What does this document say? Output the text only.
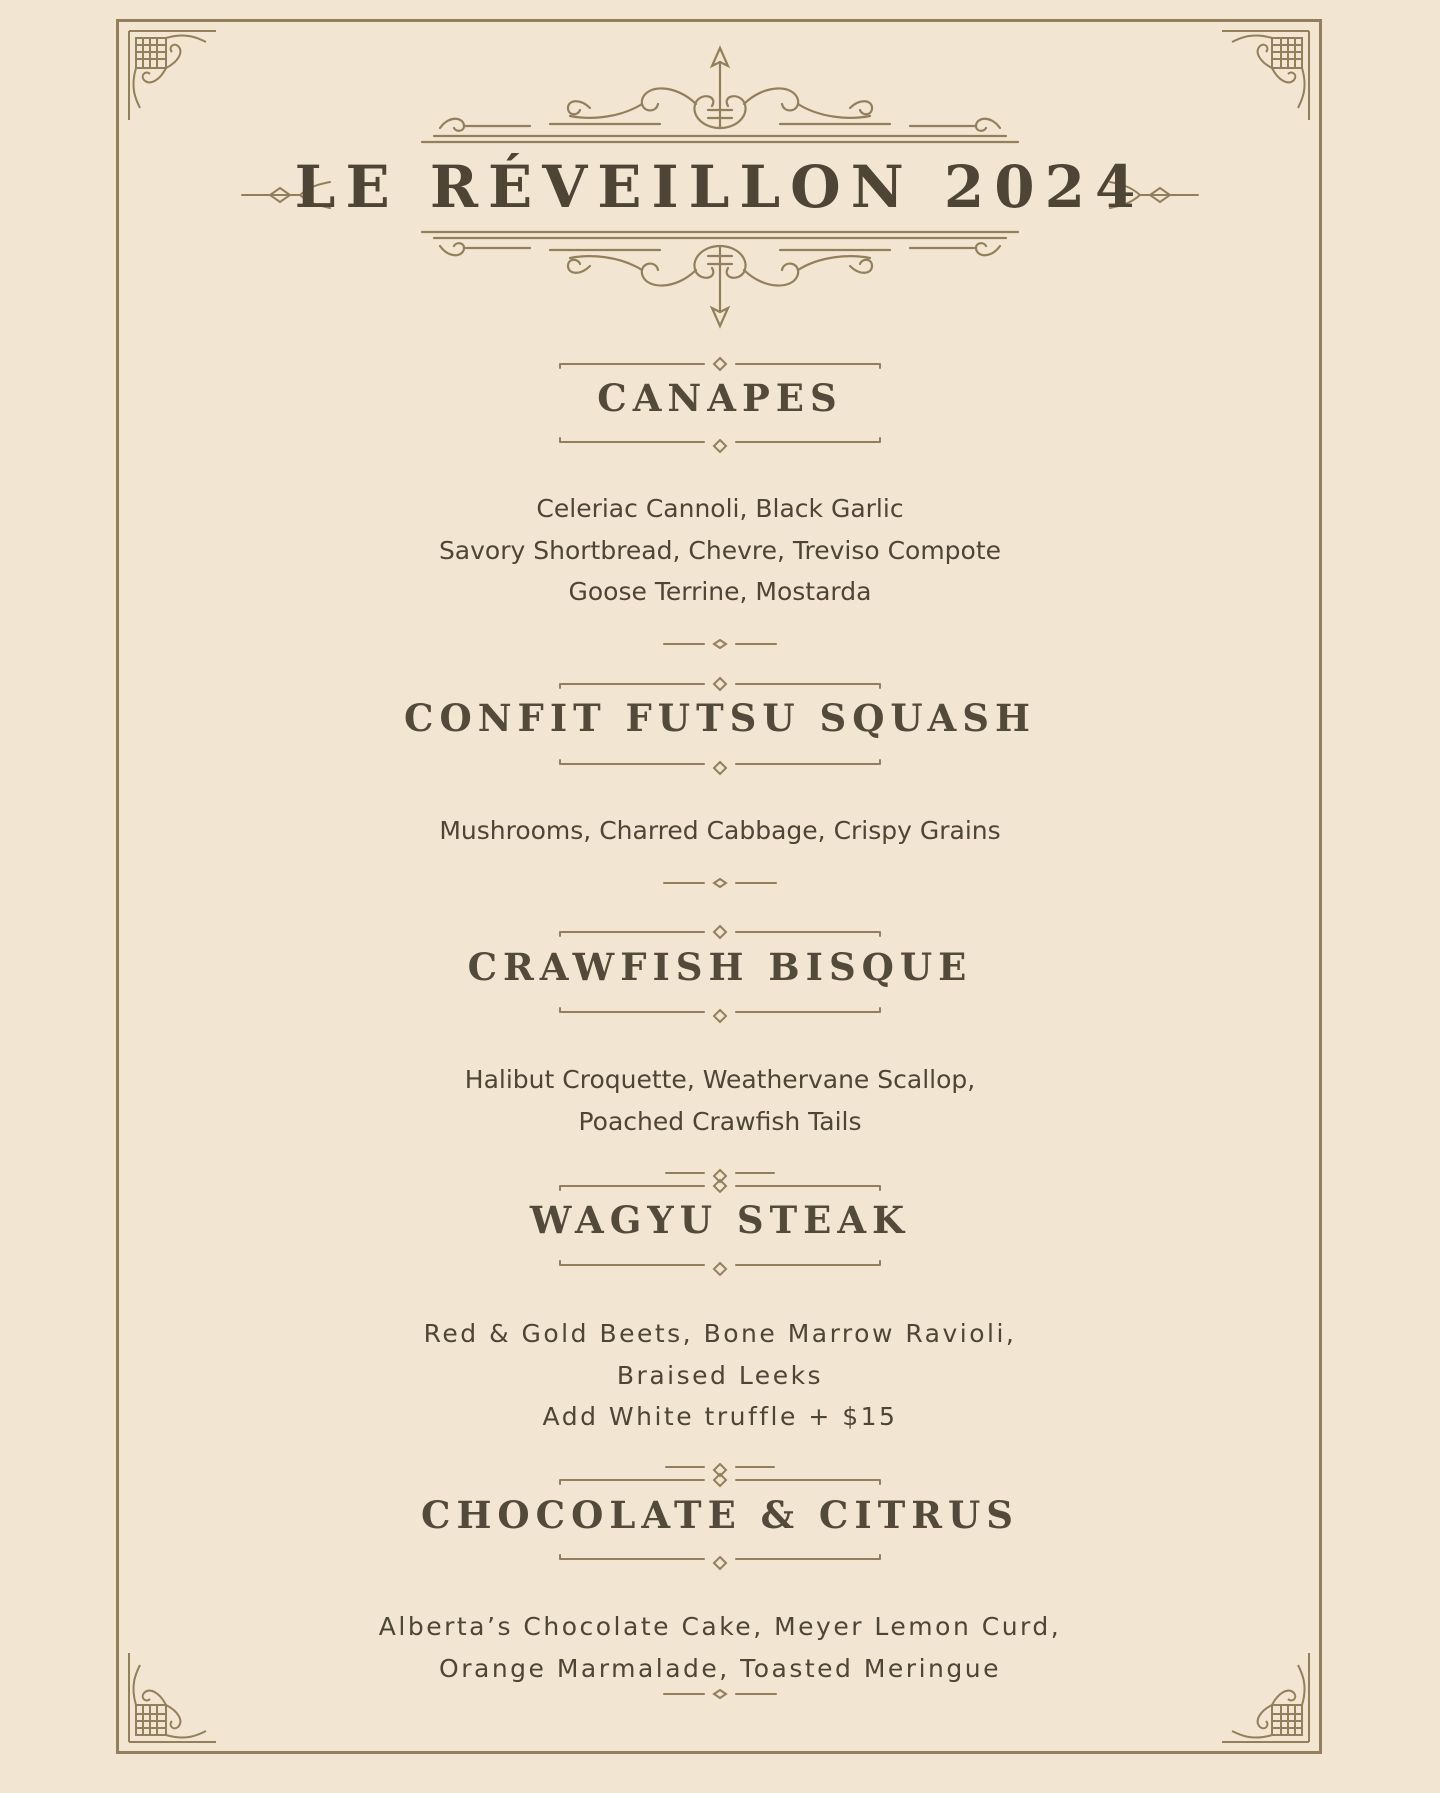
LE RÉVEILLON 2024
CANAPES
Celeriac Cannoli, Black Garlic
Savory Shortbread, Chevre, Treviso Compote
Goose Terrine, Mostarda
CONFIT FUTSU SQUASH
Mushrooms, Charred Cabbage, Crispy Grains
CRAWFISH BISQUE
Halibut Croquette, Weathervane Scallop,
Poached Crawfish Tails
WAGYU STEAK
Red & Gold Beets, Bone Marrow Ravioli,
Braised Leeks
Add White truffle + $15
CHOCOLATE & CITRUS
Alberta’s Chocolate Cake, Meyer Lemon Curd,
Orange Marmalade, Toasted Meringue
